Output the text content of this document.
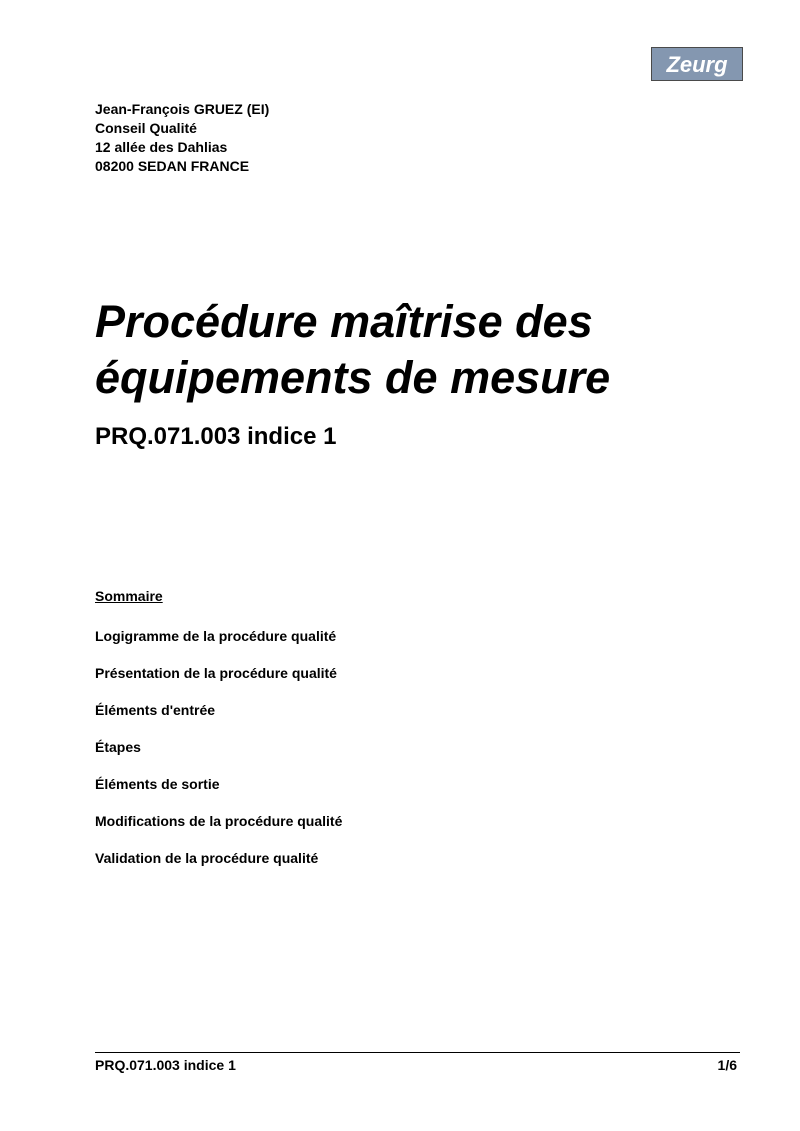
Zeurg
Jean-François GRUEZ (EI)
Conseil Qualité
12 allée des Dahlias
08200 SEDAN FRANCE
Procédure maîtrise des
équipements de mesure
PRQ.071.003 indice 1
Sommaire
Logigramme de la procédure qualité
Présentation de la procédure qualité
Éléments d'entrée
Étapes
Éléments de sortie
Modifications de la procédure qualité
Validation de la procédure qualité
PRQ.071.003 indice 1	1/6
